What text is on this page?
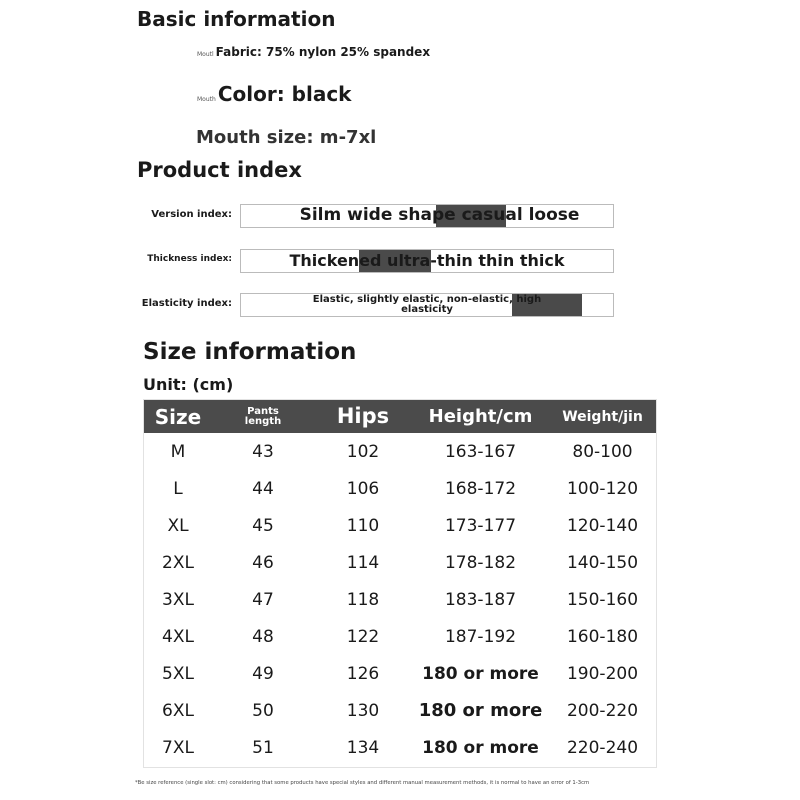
Basic information
Moutl Fabric: 75% nylon 25% spandex
Mouth Color: black
Mouth size: m-7xl
Product index
Version index:	Silm wide shape casual loose
Thickness index:	Thickened ultra-thin thin thick
Elasticity index:	Elastic, slightly elastic, non-elastic, high elasticity
Size information
Unit: (cm)
Size	Pants length	Hips	Height/cm	Weight/jin
M	43	102	163-167	80-100
L	44	106	168-172	100-120
XL	45	110	173-177	120-140
2XL	46	114	178-182	140-150
3XL	47	118	183-187	150-160
4XL	48	122	187-192	160-180
5XL	49	126	180 or more	190-200
6XL	50	130	180 or more	200-220
7XL	51	134	180 or more	220-240
*Be size reference (single slot: cm) considering that some products have special styles and different manual measurement methods, it is normal to have an error of 1-3cm
